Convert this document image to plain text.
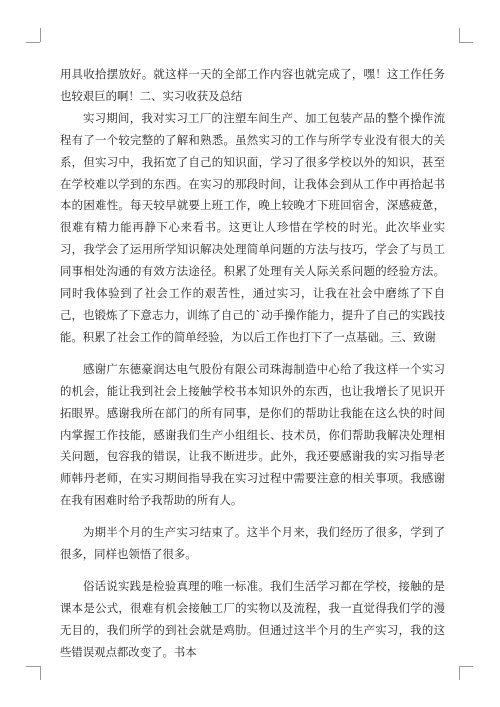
用具收拾摆放好。就这样一天的全部工作内容也就完成了，嘿！这工作任务也较艰巨的啊！二、实习收获及总结

实习期间，我对实习工厂的注塑车间生产、加工包装产品的整个操作流程有了一个较完整的了解和熟悉。虽然实习的工作与所学专业没有很大的关系，但实习中，我拓宽了自己的知识面，学习了很多学校以外的知识，甚至在学校难以学到的东西。在实习的那段时间，让我体会到从工作中再拾起书本的困难性。每天较早就要上班工作，晚上较晚才下班回宿舍，深感疲惫，很难有精力能再静下心来看书。这更让人珍惜在学校的时光。此次毕业实习，我学会了运用所学知识解决处理简单问题的方法与技巧，学会了与员工同事相处沟通的有效方法途径。积累了处理有关人际关系问题的经验方法。同时我体验到了社会工作的艰苦性，通过实习，让我在社会中磨练了下自己，也锻炼了下意志力，训练了自己的`动手操作能力，提升了自己的实践技能。积累了社会工作的简单经验，为以后工作也打下了一点基础。三、致谢

感谢广东德豪润达电气股份有限公司珠海制造中心给了我这样一个实习的机会，能让我到社会上接触学校书本知识外的东西，也让我增长了见识开拓眼界。感谢我所在部门的所有同事，是你们的帮助让我能在这么快的时间内掌握工作技能，感谢我们生产小组组长、技术员，你们帮助我解决处理相关问题，包容我的错误，让我不断进步。此外，我还要感谢我的实习指导老师韩丹老师，在实习期间指导我在实习过程中需要注意的相关事项。我感谢在我有困难时给予我帮助的所有人。

为期半个月的生产实习结束了。这半个月来，我们经历了很多，学到了很多，同样也领悟了很多。

俗话说实践是检验真理的唯一标准。我们生活学习都在学校，接触的是课本是公式，很难有机会接触工厂的实物以及流程，我一直觉得我们学的漫无目的，我们所学的到社会就是鸡肋。但通过这半个月的生产实习，我的这些错误观点都改变了。书本
